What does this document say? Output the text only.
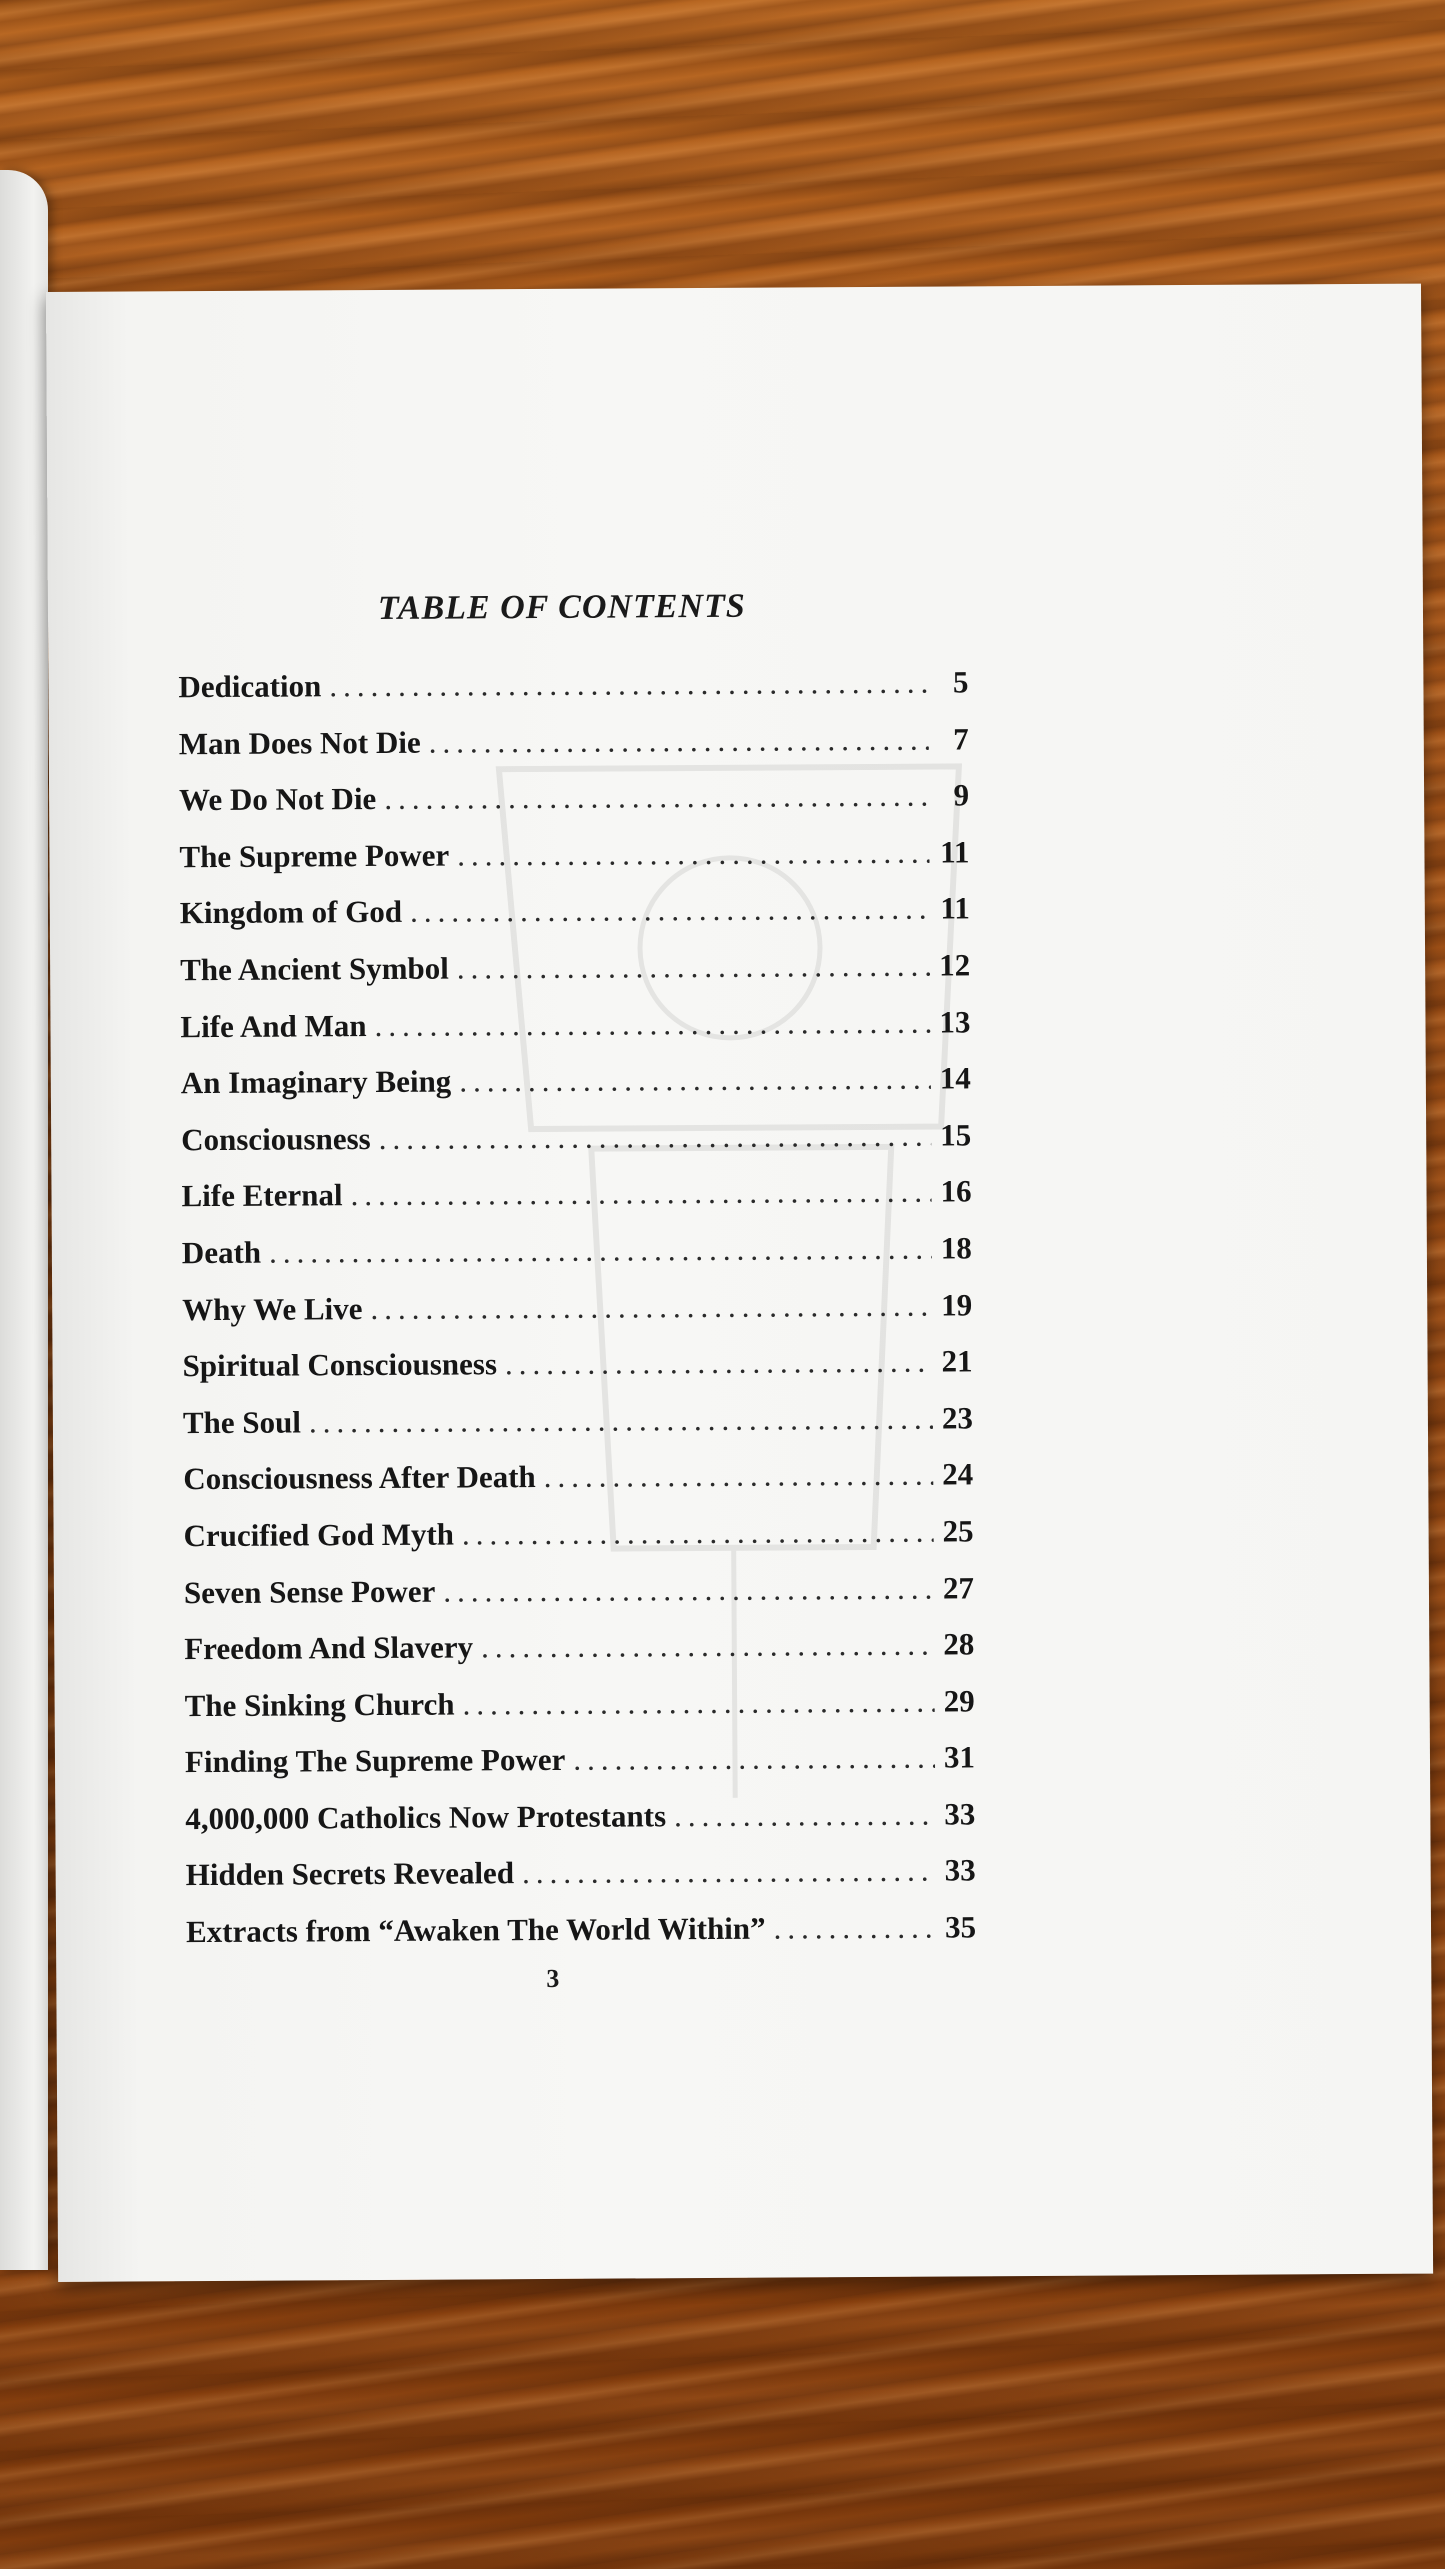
TABLE OF CONTENTS
Dedication .....	5
Man Does Not Die .....	7
We Do Not Die .....	9
The Supreme Power .....	11
Kingdom of God .....	11
The Ancient Symbol .....	12
Life And Man .....	13
An Imaginary Being .....	14
Consciousness .....	15
Life Eternal .....	16
Death .....	18
Why We Live .....	19
Spiritual Consciousness .....	21
The Soul .....	23
Consciousness After Death .....	24
Crucified God Myth .....	25
Seven Sense Power .....	27
Freedom And Slavery .....	28
The Sinking Church .....	29
Finding The Supreme Power .....	31
4,000,000 Catholics Now Protestants .....	33
Hidden Secrets Revealed .....	33
Extracts from “Awaken The World Within” .....	35
3
